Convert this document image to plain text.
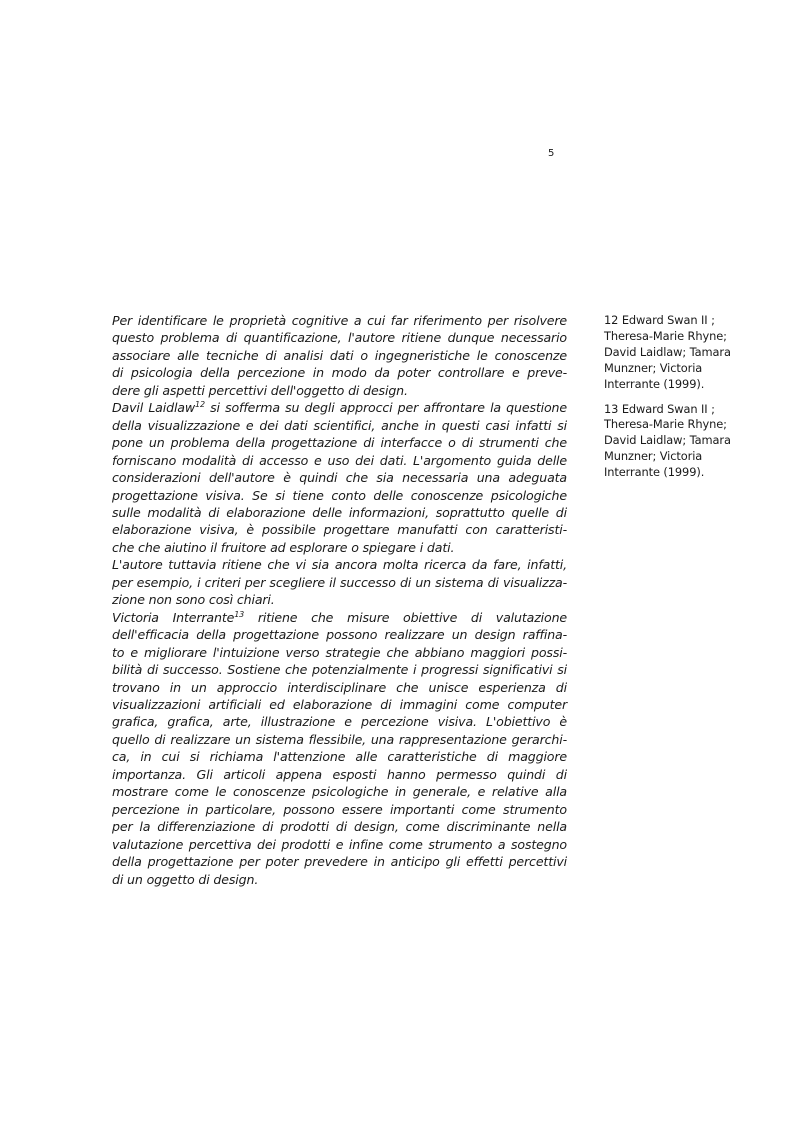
5
Per identificare le proprietà cognitive a cui far riferimento per risolvere
questo problema di quantificazione, l'autore ritiene dunque necessario
associare alle tecniche di analisi dati o ingegneristiche le conoscenze
di psicologia della percezione in modo da poter controllare e preve-
dere gli aspetti percettivi dell'oggetto di design.
Davil Laidlaw$^{12}$ si sofferma su degli approcci per affrontare la questione
della visualizzazione e dei dati scientifici, anche in questi casi infatti si
pone un problema della progettazione di interfacce o di strumenti che
forniscano modalità di accesso e uso dei dati. L'argomento guida delle
considerazioni dell'autore è quindi che sia necessaria una adeguata
progettazione visiva. Se si tiene conto delle conoscenze psicologiche
sulle modalità di elaborazione delle informazioni, soprattutto quelle di
elaborazione visiva, è possibile progettare manufatti con caratteristi-
che che aiutino il fruitore ad esplorare o spiegare i dati.
L'autore tuttavia ritiene che vi sia ancora molta ricerca da fare, infatti,
per esempio, i criteri per scegliere il successo di un sistema di visualizza-
zione non sono così chiari.
Victoria Interrante$^{13}$ ritiene che misure obiettive di valutazione
dell'efficacia della progettazione possono realizzare un design raffina-
to e migliorare l'intuizione verso strategie che abbiano maggiori possi-
bilità di successo. Sostiene che potenzialmente i progressi significativi si
trovano in un approccio interdisciplinare che unisce esperienza di
visualizzazioni artificiali ed elaborazione di immagini come computer
grafica, grafica, arte, illustrazione e percezione visiva. L'obiettivo è
quello di realizzare un sistema flessibile, una rappresentazione gerarchi-
ca, in cui si richiama l'attenzione alle caratteristiche di maggiore
importanza. Gli articoli appena esposti hanno permesso quindi di
mostrare come le conoscenze psicologiche in generale, e relative alla
percezione in particolare, possono essere importanti come strumento
per la differenziazione di prodotti di design, come discriminante nella
valutazione percettiva dei prodotti e infine come strumento a sostegno
della progettazione per poter prevedere in anticipo gli effetti percettivi
di un oggetto di design.
12 Edward Swan II ;
Theresa-Marie Rhyne;
David Laidlaw; Tamara
Munzner; Victoria
Interrante (1999).
13 Edward Swan II ;
Theresa-Marie Rhyne;
David Laidlaw; Tamara
Munzner; Victoria
Interrante (1999).
